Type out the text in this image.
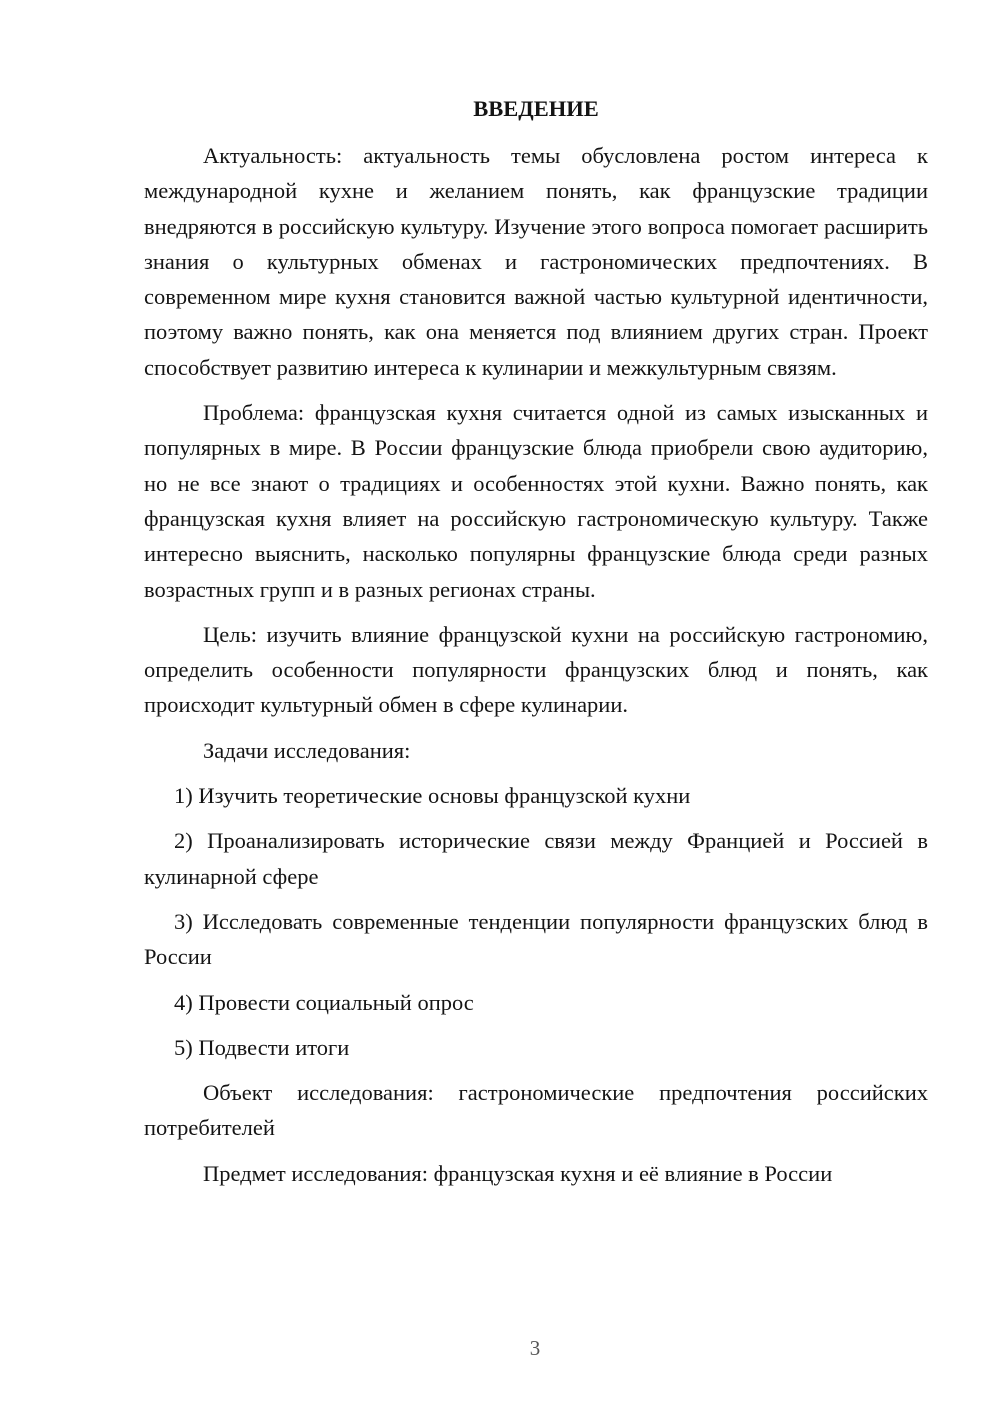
ВВЕДЕНИЕ

Актуальность: актуальность темы обусловлена ростом интереса к международной кухне и желанием понять, как французские традиции внедряются в российскую культуру. Изучение этого вопроса помогает расширить знания о культурных обменах и гастрономических предпочтениях. В современном мире кухня становится важной частью культурной идентичности, поэтому важно понять, как она меняется под влиянием других стран. Проект способствует развитию интереса к кулинарии и межкультурным связям.

Проблема: французская кухня считается одной из самых изысканных и популярных в мире. В России французские блюда приобрели свою аудиторию, но не все знают о традициях и особенностях этой кухни. Важно понять, как французская кухня влияет на российскую гастрономическую культуру. Также интересно выяснить, насколько популярны французские блюда среди разных возрастных групп и в разных регионах страны.

Цель: изучить влияние французской кухни на российскую гастрономию, определить особенности популярности французских блюд и понять, как происходит культурный обмен в сфере кулинарии.

Задачи исследования:

1) Изучить теоретические основы французской кухни

2) Проанализировать исторические связи между Францией и Россией в кулинарной сфере

3) Исследовать современные тенденции популярности французских блюд в России

4) Провести социальный опрос

5) Подвести итоги

Объект исследования: гастрономические предпочтения российских потребителей

Предмет исследования: французская кухня и её влияние в России

3
